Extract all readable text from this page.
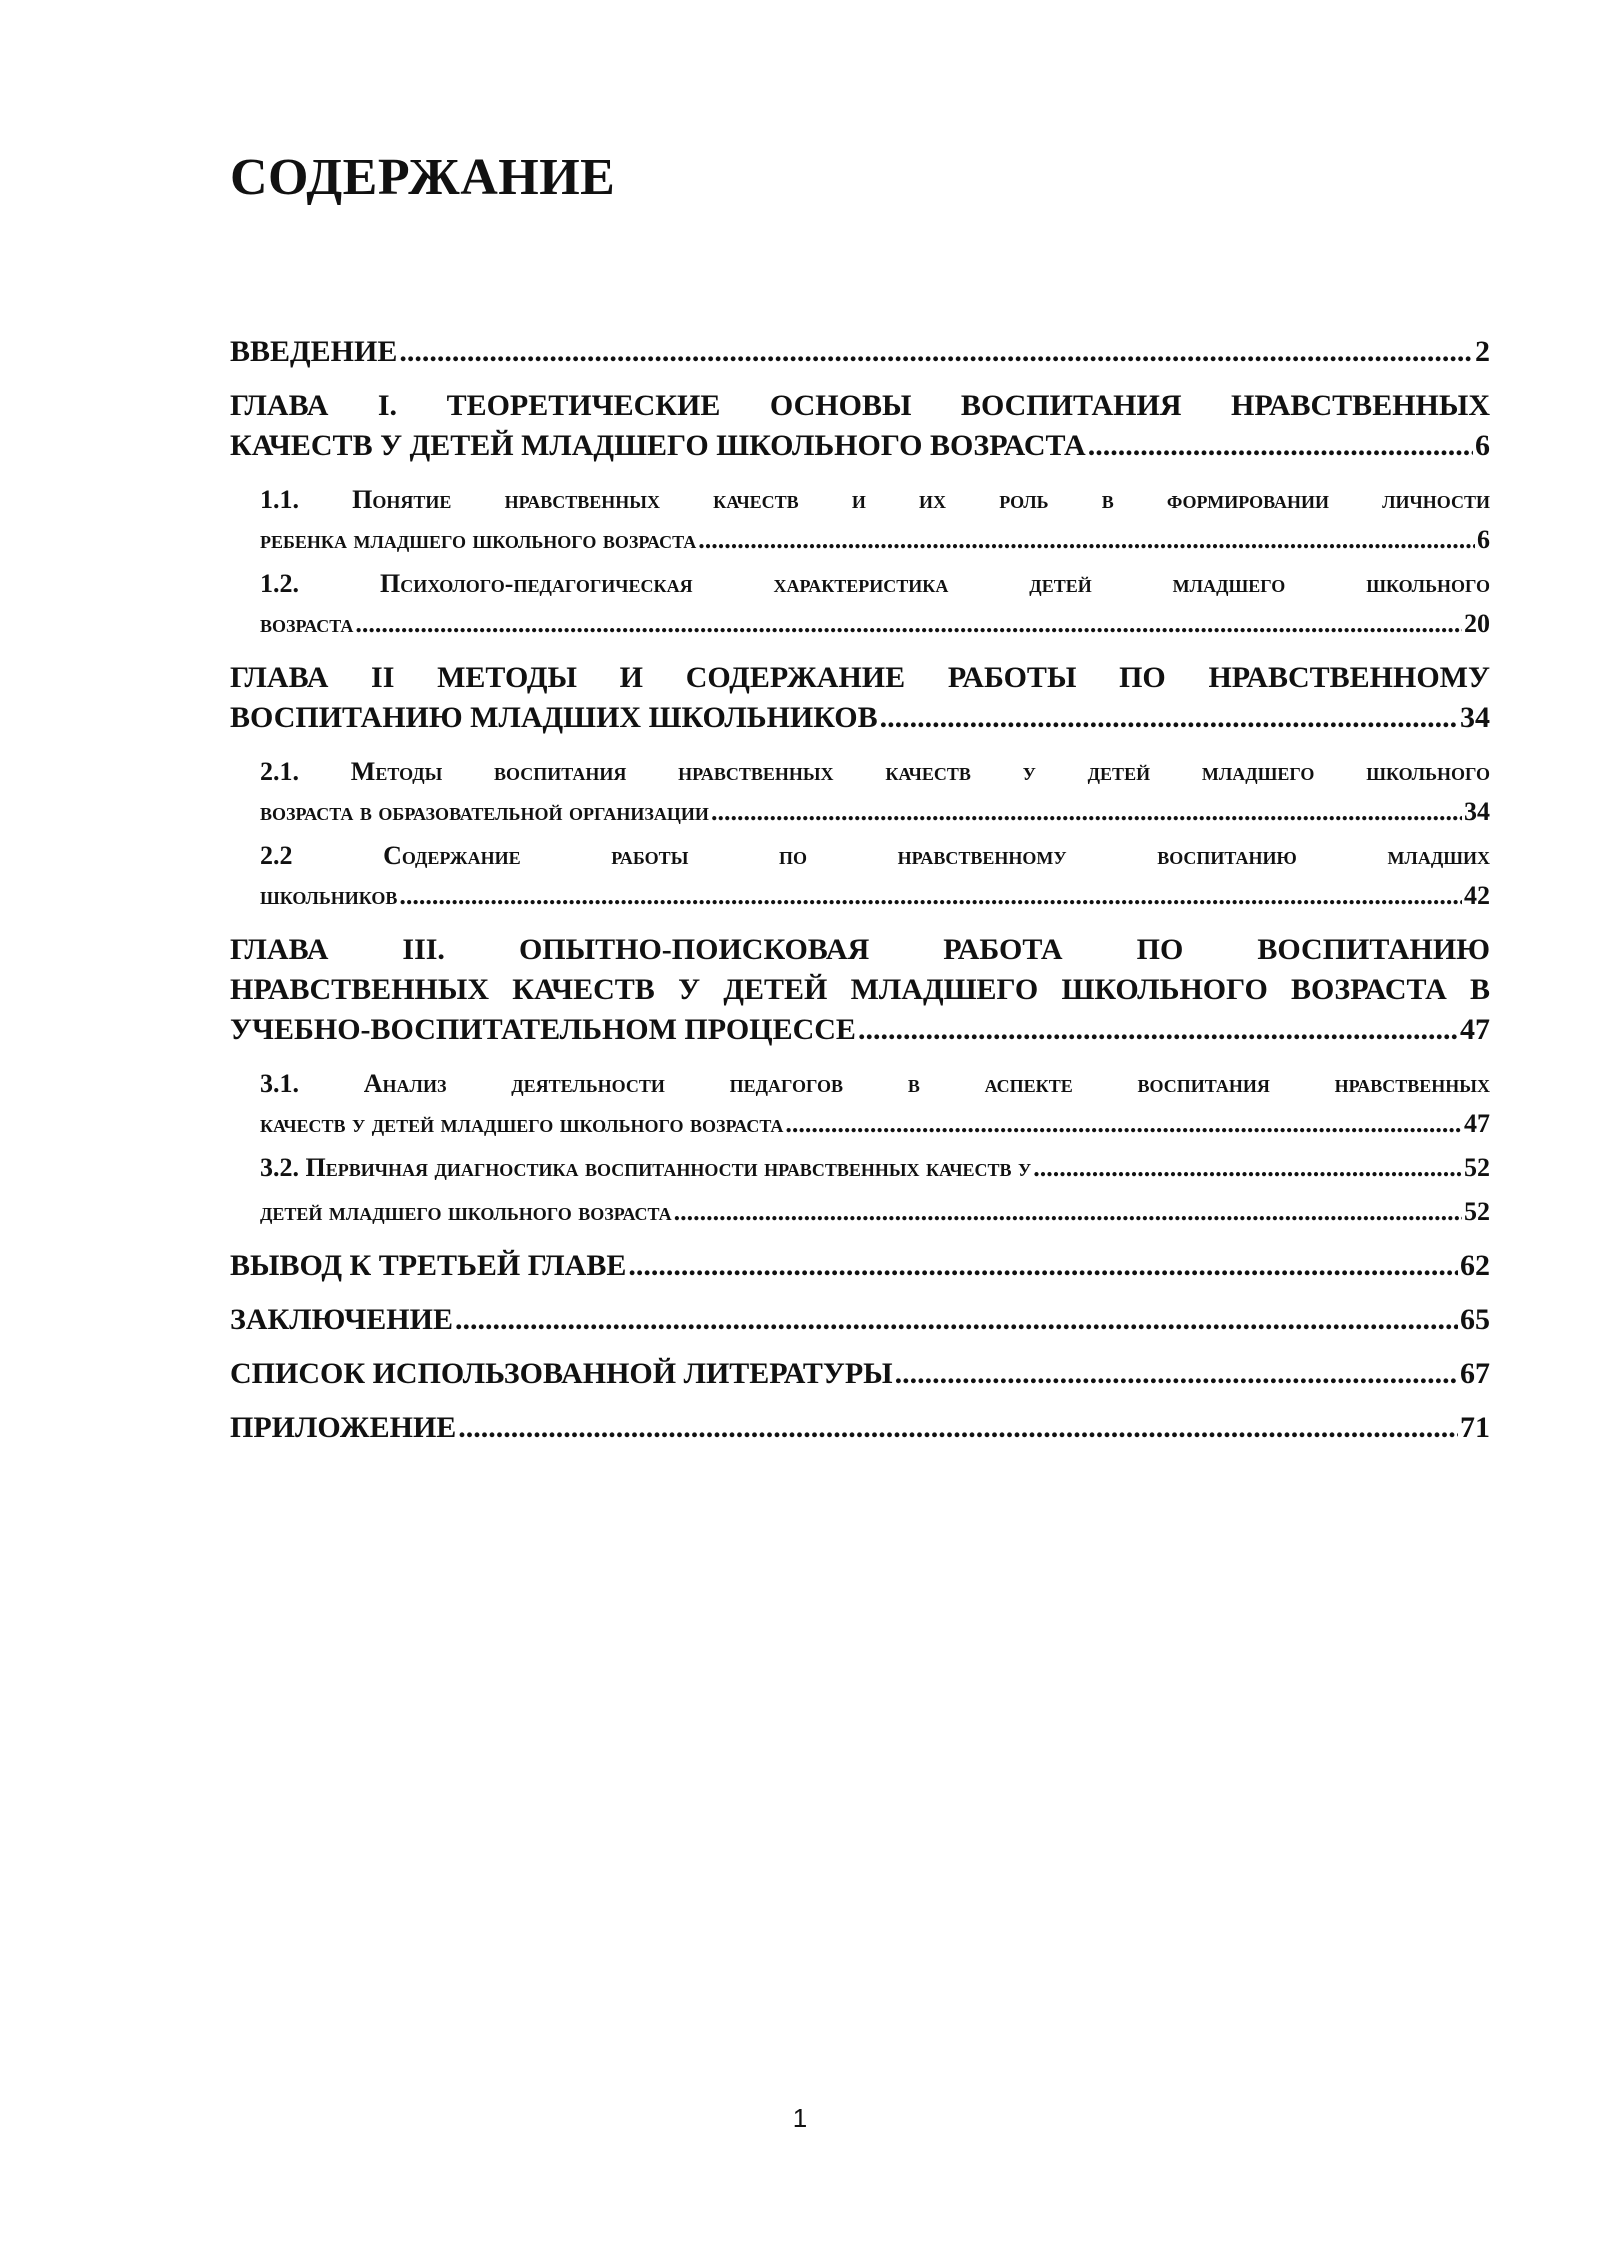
СОДЕРЖАНИЕ
ВВЕДЕНИЕ .....	2
ГЛАВА I. ТЕОРЕТИЧЕСКИЕ ОСНОВЫ ВОСПИТАНИЯ НРАВСТВЕННЫХ
КАЧЕСТВ У ДЕТЕЙ МЛАДШЕГО ШКОЛЬНОГО ВОЗРАСТА .....	6
1.1. Понятие нравственных качеств и их роль в формировании личности
ребенка младшего школьного возраста .....	6
1.2. Психолого-педагогическая характеристика детей младшего школьного
возраста .....	20
ГЛАВА II МЕТОДЫ И СОДЕРЖАНИЕ РАБОТЫ ПО НРАВСТВЕННОМУ
ВОСПИТАНИЮ МЛАДШИХ ШКОЛЬНИКОВ .....	34
2.1. Методы воспитания нравственных качеств у детей младшего школьного
возраста в образовательной организации .....	34
2.2 Содержание работы по нравственному воспитанию младших
школьников .....	42
ГЛАВА III. ОПЫТНО-ПОИСКОВАЯ РАБОТА ПО ВОСПИТАНИЮ
НРАВСТВЕННЫХ КАЧЕСТВ У ДЕТЕЙ МЛАДШЕГО ШКОЛЬНОГО ВОЗРАСТА В
УЧЕБНО-ВОСПИТАТЕЛЬНОМ ПРОЦЕССЕ .....	47
3.1. Анализ деятельности педагогов в аспекте воспитания нравственных
качеств у детей младшего школьного возраста .....	47
3.2. Первичная диагностика воспитанности нравственных качеств у .....	52
детей младшего школьного возраста .....	52
ВЫВОД К ТРЕТЬЕЙ ГЛАВЕ .....	62
ЗАКЛЮЧЕНИЕ .....	65
СПИСОК ИСПОЛЬЗОВАННОЙ ЛИТЕРАТУРЫ .....	67
ПРИЛОЖЕНИЕ .....	71
1
